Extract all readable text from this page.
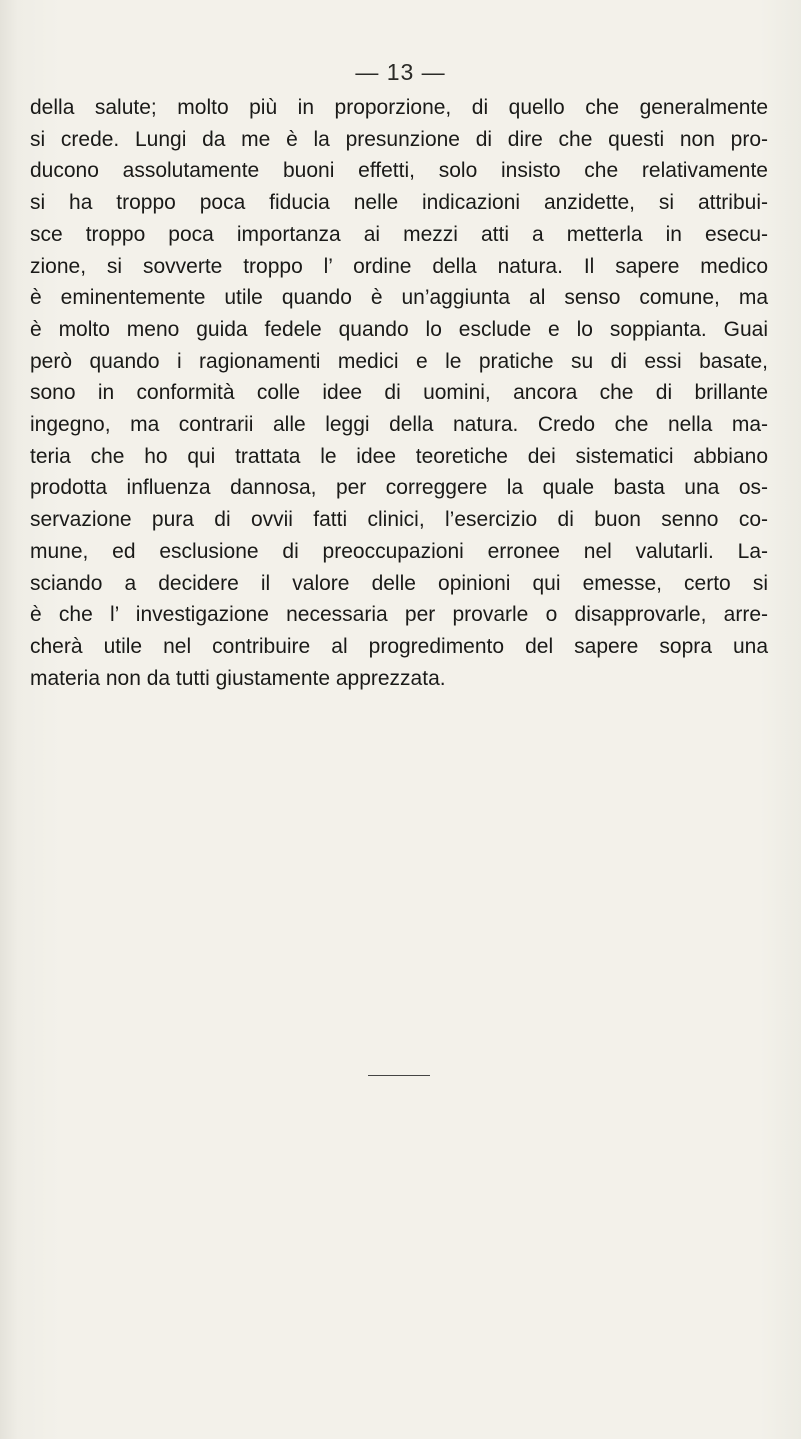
— 13 —

della salute; molto più in proporzione, di quello che generalmente
si crede. Lungi da me è la presunzione di dire che questi non pro-
ducono assolutamente buoni effetti, solo insisto che relativamente
si ha troppo poca fiducia nelle indicazioni anzidette, si attribui-
sce troppo poca importanza ai mezzi atti a metterla in esecu-
zione, si sovverte troppo l’ ordine della natura. Il sapere medico
è eminentemente utile quando è un’aggiunta al senso comune, ma
è molto meno guida fedele quando lo esclude e lo soppianta. Guai
però quando i ragionamenti medici e le pratiche su di essi basate,
sono in conformità colle idee di uomini, ancora che di brillante
ingegno, ma contrarii alle leggi della natura. Credo che nella ma-
teria che ho qui trattata le idee teoretiche dei sistematici abbiano
prodotta influenza dannosa, per correggere la quale basta una os-
servazione pura di ovvii fatti clinici, l’esercizio di buon senno co-
mune, ed esclusione di preoccupazioni erronee nel valutarli. La-
sciando a decidere il valore delle opinioni qui emesse, certo si
è che l’ investigazione necessaria per provarle o disapprovarle, arre-
cherà utile nel contribuire al progredimento del sapere sopra una
materia non da tutti giustamente apprezzata.
